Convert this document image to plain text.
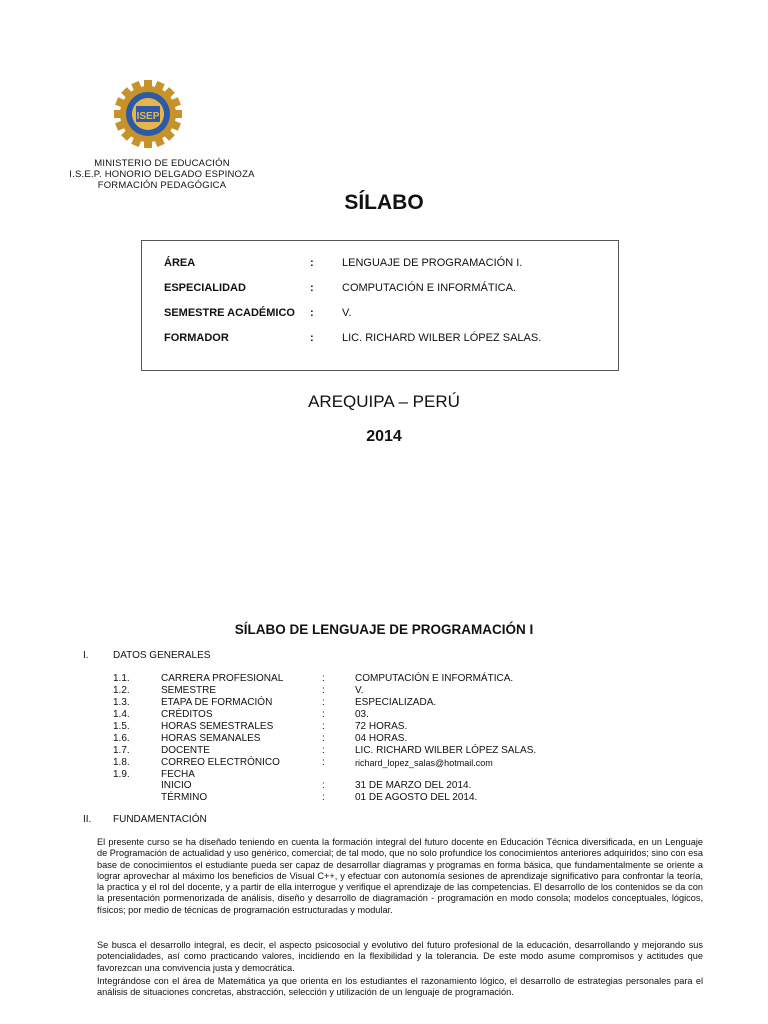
ISEP
MINISTERIO DE EDUCACIÓN
I.S.E.P. HONORIO DELGADO ESPINOZA
FORMACIÓN PEDAGÓGICA
SÍLABO
ÁREA	:	LENGUAJE DE PROGRAMACIÓN I.
ESPECIALIDAD	:	COMPUTACIÓN E INFORMÁTICA.
SEMESTRE ACADÉMICO :	V.
FORMADOR	:	LIC. RICHARD WILBER LÓPEZ SALAS.
AREQUIPA – PERÚ
2014
SÍLABO DE LENGUAJE DE PROGRAMACIÓN I
I. DATOS GENERALES
1.1.	CARRERA PROFESIONAL	:	COMPUTACIÓN E INFORMÁTICA.
1.2.	SEMESTRE	:	V.
1.3.	ETAPA DE FORMACIÓN	:	ESPECIALIZADA.
1.4.	CRÉDITOS	:	03.
1.5.	HORAS SEMESTRALES	:	72 HORAS.
1.6.	HORAS SEMANALES	:	04 HORAS.
1.7.	DOCENTE	:	LIC. RICHARD WILBER LÓPEZ SALAS.
1.8.	CORREO ELECTRÓNICO	:	richard_lopez_salas@hotmail.com
1.9.	FECHA
INICIO	:	31 DE MARZO DEL 2014.
TÉRMINO	:	01 DE AGOSTO DEL 2014.
II. FUNDAMENTACIÓN
El presente curso se ha diseñado teniendo en cuenta la formación integral del futuro docente en Educación Técnica diversificada, en un Lenguaje de Programación de actualidad y uso genérico, comercial; de tal modo, que no solo profundice los conocimientos anteriores adquiridos; sino con esa base de conocimientos el estudiante pueda ser capaz de desarrollar diagramas y programas en forma básica, que fundamentalmente se oriente a lograr aprovechar al máximo los beneficios de Visual C++, y efectuar con autonomía sesiones de aprendizaje significativo para confrontar la teoría, la practica y el rol del docente, y a partir de ella interrogue y verifique el aprendizaje de las competencias. El desarrollo de los contenidos se da con la presentación pormenorizada de análisis, diseño y desarrollo de diagramación - programación en modo consola; modelos conceptuales, lógicos, físicos; por medio de técnicas de programación estructuradas y modular.
Se busca el desarrollo integral, es decir, el aspecto psicosocial y evolutivo del futuro profesional de la educación, desarrollando y mejorando sus potencialidades, así como practicando valores, incidiendo en la flexibilidad y la tolerancia. De este modo asume compromisos y actitudes que favorezcan una convivencia justa y democrática.
Integrándose con el área de Matemática ya que orienta en los estudiantes el razonamiento lógico, el desarrollo de estrategias personales para el análisis de situaciones concretas, abstracción, selección y utilización de un lenguaje de programación.
